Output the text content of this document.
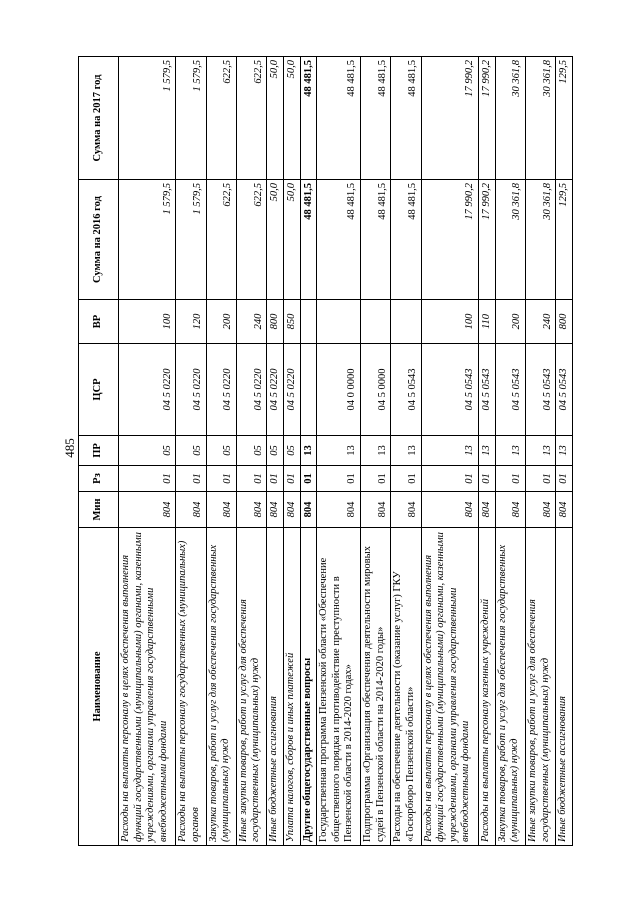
485
Наименование	Мин	Рз	ПР	ЦСР	ВР	Сумма на 2016 год	Сумма на 2017 год
Расходы на выплаты персоналу в целях обеспечения выполнения функций государственными (муниципальными) органами, казенными учреждениями, органами управления государственными внебюджетными фондами	804	01	05	04 5 0220	100	1 579,5	1 579,5
Расходы на выплаты персоналу государственных (муниципальных) органов	804	01	05	04 5 0220	120	1 579,5	1 579,5
Закупка товаров, работ и услуг для обеспечения государственных (муниципальных) нужд	804	01	05	04 5 0220	200	622,5	622,5
Иные закупки товаров, работ и услуг для обеспечения государственных (муниципальных) нужд	804	01	05	04 5 0220	240	622,5	622,5
Иные бюджетные ассигнования	804	01	05	04 5 0220	800	50,0	50,0
Уплата налогов, сборов и иных платежей	804	01	05	04 5 0220	850	50,0	50,0
Другие общегосударственные вопросы	804	01	13			48 481,5	48 481,5
Государственная программа Пензенской области «Обеспечение общественного порядка и противодействие преступности в Пензенской области в 2014-2020 годах»	804	01	13	04 0 0000		48 481,5	48 481,5
Подпрограмма «Организация обеспечения деятельности мировых судей в Пензенской области на 2014-2020 годы»	804	01	13	04 5 0000		48 481,5	48 481,5
Расходы на обеспечение деятельности (оказание услуг) ГКУ «Госюрбюро Пензенской области»	804	01	13	04 5 0543		48 481,5	48 481,5
Расходы на выплаты персоналу в целях обеспечения выполнения функций государственными (муниципальными) органами, казенными учреждениями, органами управления государственными внебюджетными фондами	804	01	13	04 5 0543	100	17 990,2	17 990,2
Расходы на выплаты персоналу казенных учреждений	804	01	13	04 5 0543	110	17 990,2	17 990,2
Закупка товаров, работ и услуг для обеспечения государственных (муниципальных) нужд	804	01	13	04 5 0543	200	30 361,8	30 361,8
Иные закупки товаров, работ и услуг для обеспечения государственных (муниципальных) нужд	804	01	13	04 5 0543	240	30 361,8	30 361,8
Иные бюджетные ассигнования	804	01	13	04 5 0543	800	129,5	129,5
